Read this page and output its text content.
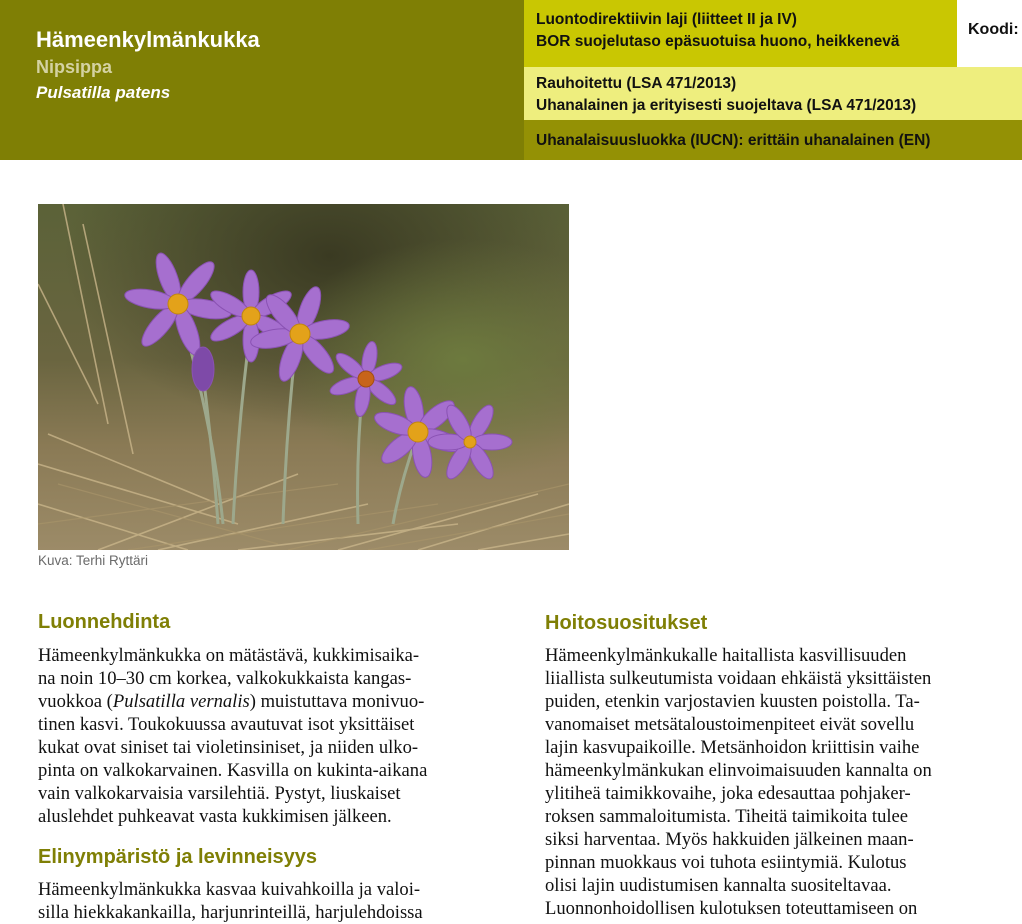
Hämeenkylmänkukka
Nipsippa
Pulsatilla patens
Luontodirektiivin laji (liitteet II ja IV)
BOR suojelutaso epäsuotuisa huono, heikkenevä
Koodi:
Rauhoitettu (LSA 471/2013)
Uhanalainen ja erityisesti suojeltava (LSA 471/2013)
Uhanalaisuusluokka (IUCN): erittäin uhanalainen (EN)
Kuva: Terhi Ryttäri
Luonnehdinta
Hämeenkylmänkukka on mätästävä, kukkimisaika-
na noin 10–30 cm korkea, valkokukkaista kangas-
vuokkoa (Pulsatilla vernalis) muistuttava monivuo-
tinen kasvi. Toukokuussa avautuvat isot yksittäiset
kukat ovat siniset tai violetinsiniset, ja niiden ulko-
pinta on valkokarvainen. Kasvilla on kukinta-aikana
vain valkokarvaisia varsilehtiä. Pystyt, liuskaiset
aluslehdet puhkeavat vasta kukkimisen jälkeen.
Elinympäristö ja levinneisyys
Hämeenkylmänkukka kasvaa kuivahkoilla ja valoi-
silla hiekkakankailla, harjunrinteillä, harjulehdoissa
Hoitosuositukset
Hämeenkylmänkukalle haitallista kasvillisuuden
liiallista sulkeutumista voidaan ehkäistä yksittäisten
puiden, etenkin varjostavien kuusten poistolla. Ta-
vanomaiset metsätaloustoimenpiteet eivät sovellu
lajin kasvupaikoille. Metsänhoidon kriittisin vaihe
hämeenkylmänkukan elinvoimaisuuden kannalta on
ylitiheä taimikkovaihe, joka edesauttaa pohjaker-
roksen sammaloitumista. Tiheitä taimikoita tulee
siksi harventaa. Myös hakkuiden jälkeinen maan-
pinnan muokkaus voi tuhota esiintymiä. Kulotus
olisi lajin uudistumisen kannalta suositeltavaa.
Luonnonhoidollisen kulotuksen toteuttamiseen on
